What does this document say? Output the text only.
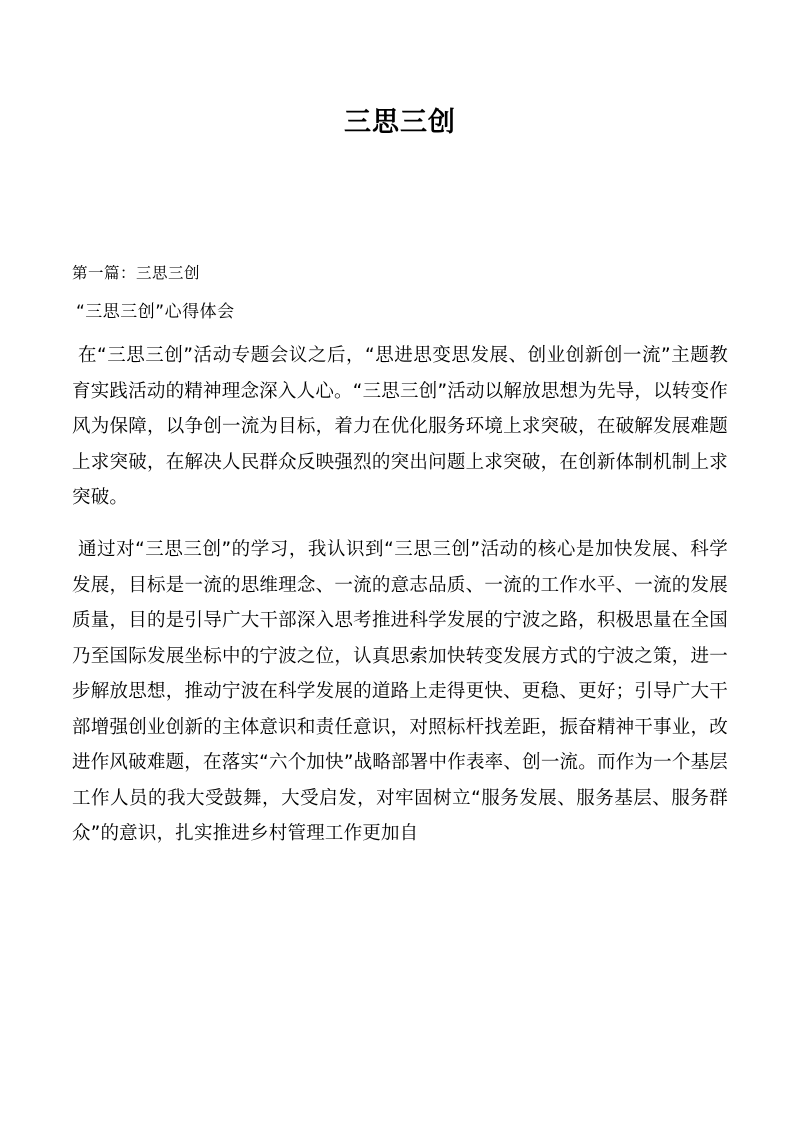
三思三创

第一篇：三思三创

“三思三创”心得体会

在“三思三创”活动专题会议之后，“思进思变思发展、创业创新创一流”主题教育实践活动的精神理念深入人心。“三思三创”活动以解放思想为先导，以转变作风为保障，以争创一流为目标，着力在优化服务环境上求突破，在破解发展难题上求突破，在解决人民群众反映强烈的突出问题上求突破，在创新体制机制上求突破。

通过对“三思三创”的学习，我认识到“三思三创”活动的核心是加快发展、科学发展，目标是一流的思维理念、一流的意志品质、一流的工作水平、一流的发展质量，目的是引导广大干部深入思考推进科学发展的宁波之路，积极思量在全国乃至国际发展坐标中的宁波之位，认真思索加快转变发展方式的宁波之策，进一步解放思想，推动宁波在科学发展的道路上走得更快、更稳、更好；引导广大干部增强创业创新的主体意识和责任意识，对照标杆找差距，振奋精神干事业，改进作风破难题，在落实“六个加快”战略部署中作表率、创一流。而作为一个基层工作人员的我大受鼓舞，大受启发，对牢固树立“服务发展、服务基层、服务群众”的意识，扎实推进乡村管理工作更加自
